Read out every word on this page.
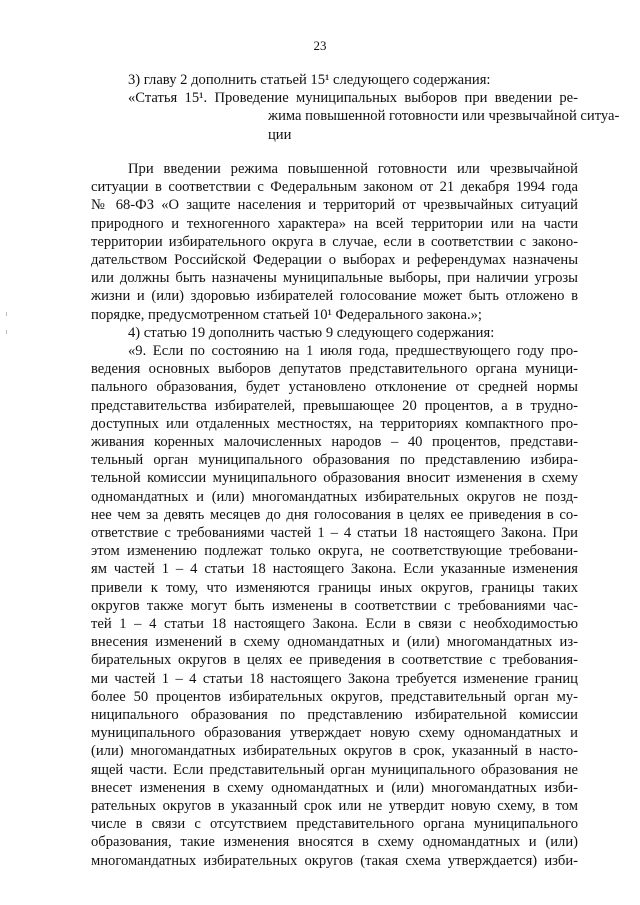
23
3) главу 2 дополнить статьей 15¹ следующего содержания:
«Статья 15¹. Проведение муниципальных выборов при введении ре-
жима повышенной готовности или чрезвычайной ситуа-
ции
При введении режима повышенной готовности или чрезвычайной
ситуации в соответствии с Федеральным законом от 21 декабря 1994 года
№ 68-ФЗ «О защите населения и территорий от чрезвычайных ситуаций
природного и техногенного характера» на всей территории или на части
территории избирательного округа в случае, если в соответствии с законо-
дательством Российской Федерации о выборах и референдумах назначены
или должны быть назначены муниципальные выборы, при наличии угрозы
жизни и (или) здоровью избирателей голосование может быть отложено в
порядке, предусмотренном статьей 10¹ Федерального закона.»;
4) статью 19 дополнить частью 9 следующего содержания:
«9. Если по состоянию на 1 июля года, предшествующего году про-
ведения основных выборов депутатов представительного органа муници-
пального образования, будет установлено отклонение от средней нормы
представительства избирателей, превышающее 20 процентов, а в трудно-
доступных или отдаленных местностях, на территориях компактного про-
живания коренных малочисленных народов – 40 процентов, представи-
тельный орган муниципального образования по представлению избира-
тельной комиссии муниципального образования вносит изменения в схему
одномандатных и (или) многомандатных избирательных округов не позд-
нее чем за девять месяцев до дня голосования в целях ее приведения в со-
ответствие с требованиями частей 1 – 4 статьи 18 настоящего Закона. При
этом изменению подлежат только округа, не соответствующие требовани-
ям частей 1 – 4 статьи 18 настоящего Закона. Если указанные изменения
привели к тому, что изменяются границы иных округов, границы таких
округов также могут быть изменены в соответствии с требованиями час-
тей 1 – 4 статьи 18 настоящего Закона. Если в связи с необходимостью
внесения изменений в схему одномандатных и (или) многомандатных из-
бирательных округов в целях ее приведения в соответствие с требования-
ми частей 1 – 4 статьи 18 настоящего Закона требуется изменение границ
более 50 процентов избирательных округов, представительный орган му-
ниципального образования по представлению избирательной комиссии
муниципального образования утверждает новую схему одномандатных и
(или) многомандатных избирательных округов в срок, указанный в насто-
ящей части. Если представительный орган муниципального образования не
внесет изменения в схему одномандатных и (или) многомандатных изби-
рательных округов в указанный срок или не утвердит новую схему, в том
числе в связи с отсутствием представительного органа муниципального
образования, такие изменения вносятся в схему одномандатных и (или)
многомандатных избирательных округов (такая схема утверждается) изби-
